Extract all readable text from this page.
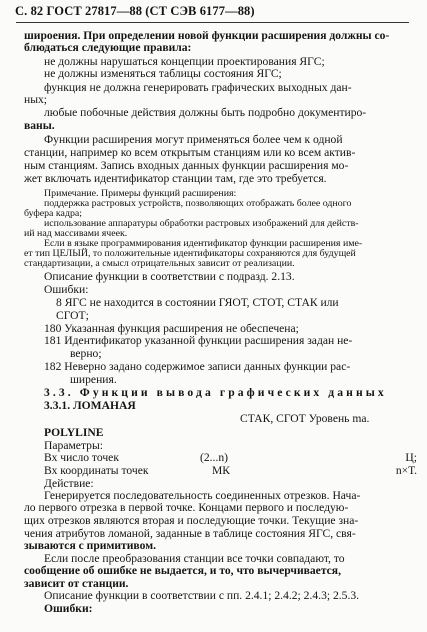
С. 82 ГОСТ 27817—88 (СТ СЭВ 6177—88)
широения. При определении новой функции расширения должны со-
блюдаться следующие правила:
не должны нарушаться концепции проектирования ЯГС;
не должны изменяться таблицы состояния ЯГС;
функция не должна генерировать графических выходных дан-
ных;
любые побочные действия должны быть подробно документиро-
ваны.
Функции расширения могут применяться более чем к одной
станции, например ко всем открытым станциям или ко всем актив-
ным станциям. Запись входных данных функции расширения мо-
жет включать идентификатор станции там, где это требуется.
Примечание. Примеры функций расширения:
поддержка растровых устройств, позволяющих отображать более одного
буфера кадра;
использование аппаратуры обработки растровых изображений для действ-
ий над массивами ячеек.
Если в языке программирования идентификатор функции расширения име-
ет тип ЦЕЛЫЙ, то положительные идентификаторы сохраняются для будущей
стандартизации, а смысл отрицательных зависит от реализации.
Описание функции в соответствии с подразд. 2.13.
Ошибки:
8 ЯГС не находится в состоянии ГЯОТ, СТОТ, СТАК или
СГОТ;
180 Указанная функция расширения не обеспечена;
181 Идентификатор указанной функции расширения задан не-
верно;
182 Неверно задано содержимое записи данных функции рас-
ширения.
3.3. Функции вывода графических данных
3.3.1. ЛОМАНАЯ
СТАК, СГОТ Уровень ma.
POLYLINE
Параметры:
Вх число точек	(2...n)	Ц;
Вх координаты точек	МК	n×Т.
Действие:
Генерируется последовательность соединенных отрезков. Нача-
ло первого отрезка в первой точке. Концами первого и последую-
щих отрезков являются вторая и последующие точки. Текущие зна-
чения атрибутов ломаной, заданные в таблице состояния ЯГС, свя-
зываются с примитивом.
Если после преобразования станции все точки совпадают, то
сообщение об ошибке не выдается, и то, что вычерчивается,
зависит от станции.
Описание функции в соответствии с пп. 2.4.1; 2.4.2; 2.4.3; 2.5.3.
Ошибки:
